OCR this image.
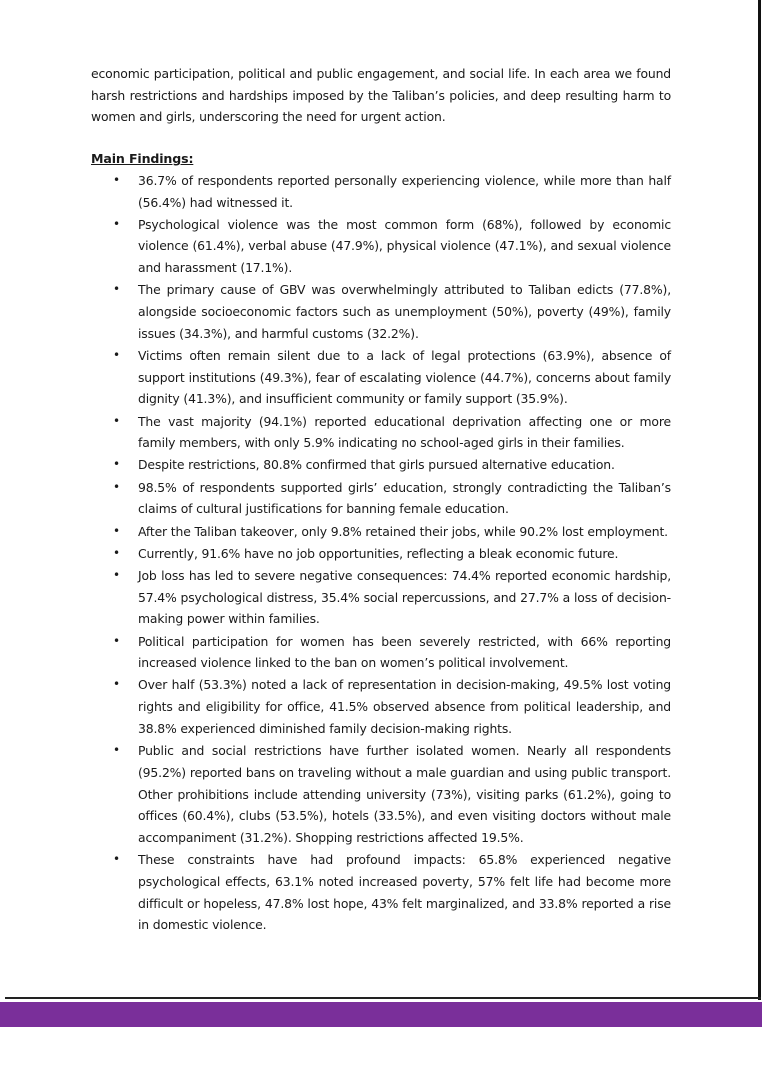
economic participation, political and public engagement, and social life. In each area we found harsh restrictions and hardships imposed by the Taliban’s policies, and deep resulting harm to women and girls, underscoring the need for urgent action.

Main Findings:
• 36.7% of respondents reported personally experiencing violence, while more than half (56.4%) had witnessed it.
• Psychological violence was the most common form (68%), followed by economic violence (61.4%), verbal abuse (47.9%), physical violence (47.1%), and sexual violence and harassment (17.1%).
• The primary cause of GBV was overwhelmingly attributed to Taliban edicts (77.8%), alongside socioeconomic factors such as unemployment (50%), poverty (49%), family issues (34.3%), and harmful customs (32.2%).
• Victims often remain silent due to a lack of legal protections (63.9%), absence of support institutions (49.3%), fear of escalating violence (44.7%), concerns about family dignity (41.3%), and insufficient community or family support (35.9%).
• The vast majority (94.1%) reported educational deprivation affecting one or more family members, with only 5.9% indicating no school-aged girls in their families.
• Despite restrictions, 80.8% confirmed that girls pursued alternative education.
• 98.5% of respondents supported girls’ education, strongly contradicting the Taliban’s claims of cultural justifications for banning female education.
• After the Taliban takeover, only 9.8% retained their jobs, while 90.2% lost employment.
• Currently, 91.6% have no job opportunities, reflecting a bleak economic future.
• Job loss has led to severe negative consequences: 74.4% reported economic hardship, 57.4% psychological distress, 35.4% social repercussions, and 27.7% a loss of decision-making power within families.
• Political participation for women has been severely restricted, with 66% reporting increased violence linked to the ban on women’s political involvement.
• Over half (53.3%) noted a lack of representation in decision-making, 49.5% lost voting rights and eligibility for office, 41.5% observed absence from political leadership, and 38.8% experienced diminished family decision-making rights.
• Public and social restrictions have further isolated women. Nearly all respondents (95.2%) reported bans on traveling without a male guardian and using public transport. Other prohibitions include attending university (73%), visiting parks (61.2%), going to offices (60.4%), clubs (53.5%), hotels (33.5%), and even visiting doctors without male accompaniment (31.2%). Shopping restrictions affected 19.5%.
• These constraints have had profound impacts: 65.8% experienced negative psychological effects, 63.1% noted increased poverty, 57% felt life had become more difficult or hopeless, 47.8% lost hope, 43% felt marginalized, and 33.8% reported a rise in domestic violence.
